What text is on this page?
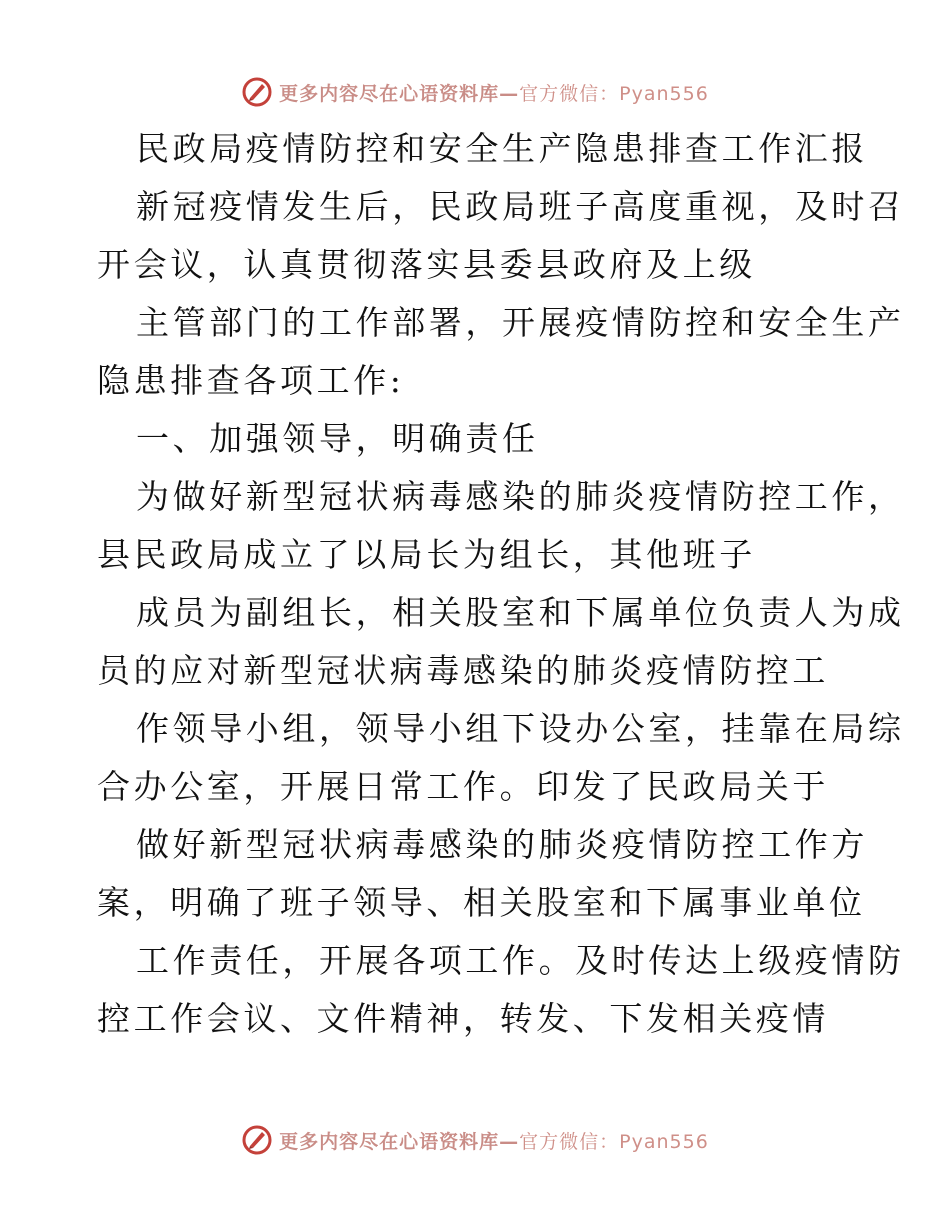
更多内容尽在心语资料库—官方微信：Pyan556
民政局疫情防控和安全生产隐患排查工作汇报
新冠疫情发生后，民政局班子高度重视，及时召
开会议，认真贯彻落实县委县政府及上级
主管部门的工作部署，开展疫情防控和安全生产
隐患排查各项工作:
一、加强领导，明确责任
为做好新型冠状病毒感染的肺炎疫情防控工作，
县民政局成立了以局长为组长，其他班子
成员为副组长，相关股室和下属单位负责人为成
员的应对新型冠状病毒感染的肺炎疫情防控工
作领导小组，领导小组下设办公室，挂靠在局综
合办公室，开展日常工作。印发了民政局关于
做好新型冠状病毒感染的肺炎疫情防控工作方
案，明确了班子领导、相关股室和下属事业单位
工作责任，开展各项工作。及时传达上级疫情防
控工作会议、文件精神，转发、下发相关疫情
更多内容尽在心语资料库—官方微信：Pyan556
